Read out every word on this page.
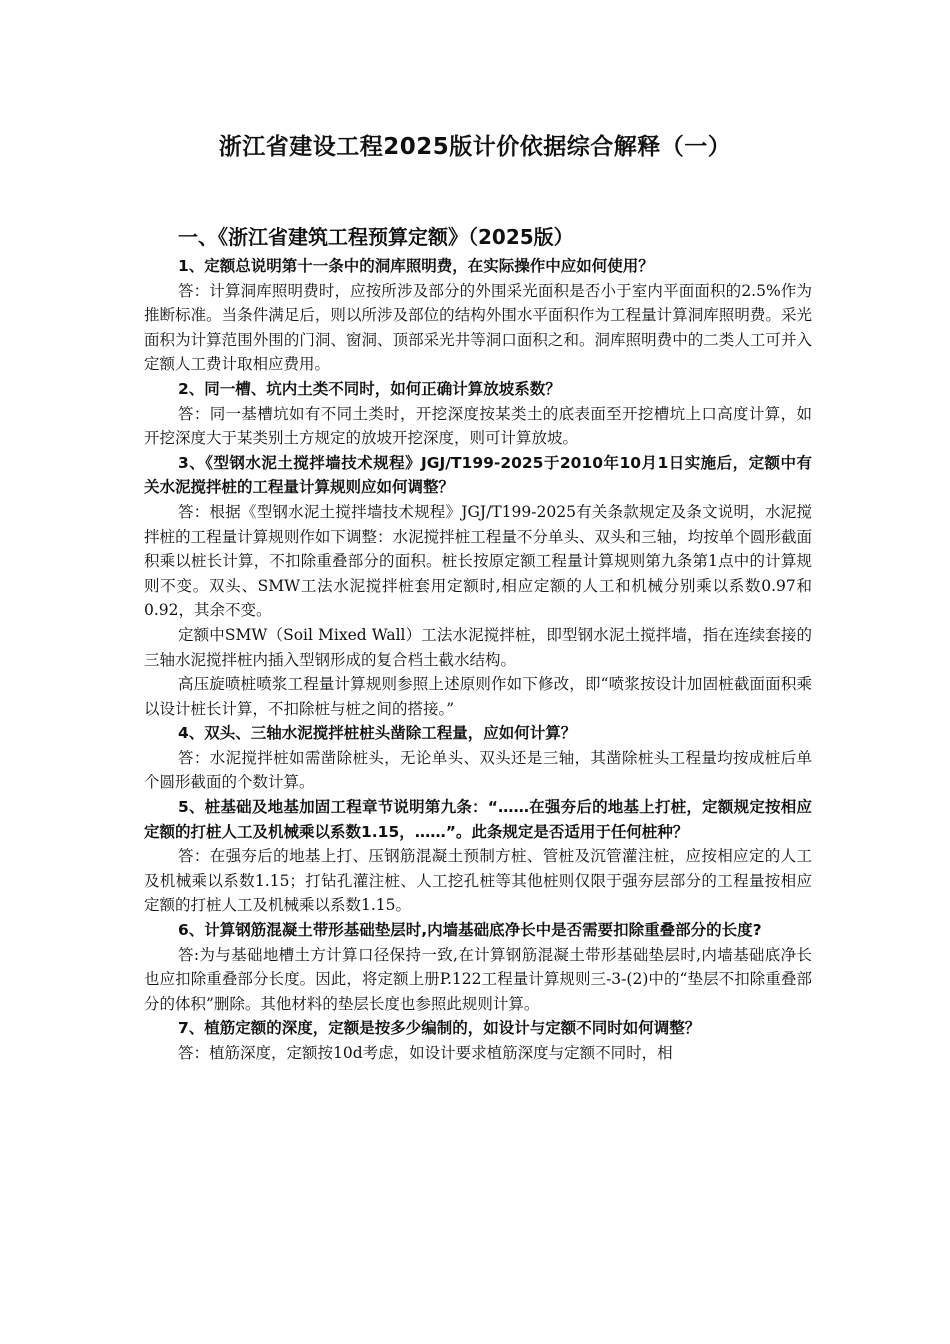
浙江省建设工程2025版计价依据综合解释（一）
一、《浙江省建筑工程预算定额》（2025版）

1、定额总说明第十一条中的洞库照明费，在实际操作中应如何使用？

答：计算洞库照明费时，应按所涉及部分的外围采光面积是否小于室内平面面积的2.5%作为推断标准。当条件满足后，则以所涉及部位的结构外围水平面积作为工程量计算洞库照明费。采光面积为计算范围外围的门洞、窗洞、顶部采光井等洞口面积之和。洞库照明费中的二类人工可并入定额人工费计取相应费用。

2、同一槽、坑内土类不同时，如何正确计算放坡系数？

答：同一基槽坑如有不同土类时，开挖深度按某类土的底表面至开挖槽坑上口高度计算，如开挖深度大于某类别土方规定的放坡开挖深度，则可计算放坡。

3、《型钢水泥土搅拌墙技术规程》JGJ/T199-2025于2010年10月1日实施后，定额中有关水泥搅拌桩的工程量计算规则应如何调整？

答：根据《型钢水泥土搅拌墙技术规程》JGJ/T199-2025有关条款规定及条文说明，水泥搅拌桩的工程量计算规则作如下调整：水泥搅拌桩工程量不分单头、双头和三轴，均按单个圆形截面积乘以桩长计算，不扣除重叠部分的面积。桩长按原定额工程量计算规则第九条第1点中的计算规则不变。双头、SMW工法水泥搅拌桩套用定额时,相应定额的人工和机械分别乘以系数0.97和0.92，其余不变。

定额中SMW（Soil Mixed Wall）工法水泥搅拌桩，即型钢水泥土搅拌墙，指在连续套接的三轴水泥搅拌桩内插入型钢形成的复合档土截水结构。

高压旋喷桩喷浆工程量计算规则参照上述原则作如下修改，即“喷浆按设计加固桩截面面积乘以设计桩长计算，不扣除桩与桩之间的搭接。”

4、双头、三轴水泥搅拌桩桩头凿除工程量，应如何计算？

答：水泥搅拌桩如需凿除桩头，无论单头、双头还是三轴，其凿除桩头工程量均按成桩后单个圆形截面的个数计算。

5、桩基础及地基加固工程章节说明第九条：“……在强夯后的地基上打桩，定额规定按相应定额的打桩人工及机械乘以系数1.15，……”。此条规定是否适用于任何桩种？

答：在强夯后的地基上打、压钢筋混凝土预制方桩、管桩及沉管灌注桩，应按相应定的人工及机械乘以系数1.15；打钻孔灌注桩、人工挖孔桩等其他桩则仅限于强夯层部分的工程量按相应定额的打桩人工及机械乘以系数1.15。

6、计算钢筋混凝土带形基础垫层时,内墙基础底净长中是否需要扣除重叠部分的长度?

答:为与基础地槽土方计算口径保持一致,在计算钢筋混凝土带形基础垫层时,内墙基础底净长也应扣除重叠部分长度。因此，将定额上册P.122工程量计算规则三-3-(2)中的“垫层不扣除重叠部分的体积”删除。其他材料的垫层长度也参照此规则计算。

7、植筋定额的深度，定额是按多少编制的，如设计与定额不同时如何调整？

答：植筋深度，定额按10d考虑，如设计要求植筋深度与定额不同时，相
